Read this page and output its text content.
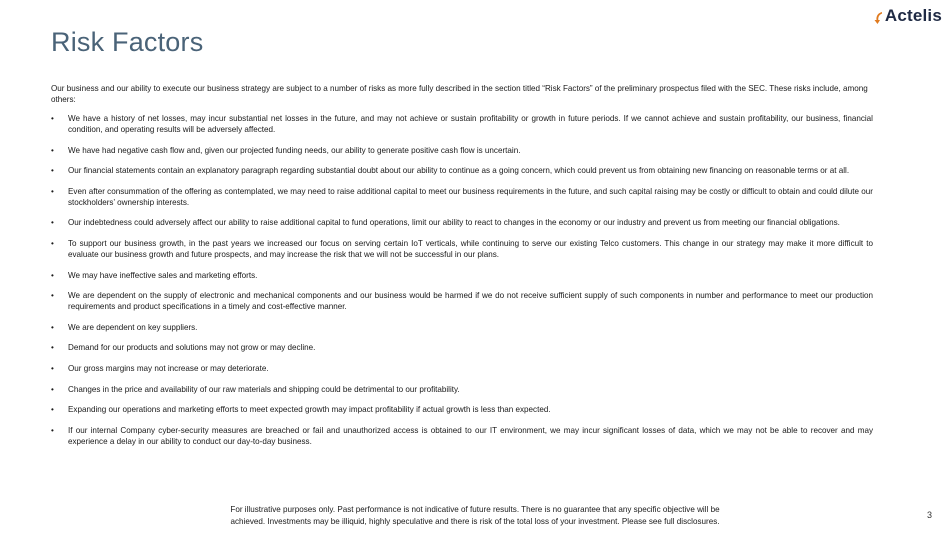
Risk Factors
Actelis

Our business and our ability to execute our business strategy are subject to a number of risks as more fully described in the section titled “Risk Factors” of the preliminary prospectus filed with the SEC. These risks include, among others:

• We have a history of net losses, may incur substantial net losses in the future, and may not achieve or sustain profitability or growth in future periods. If we cannot achieve and sustain profitability, our business, financial condition, and operating results will be adversely affected.
• We have had negative cash flow and, given our projected funding needs, our ability to generate positive cash flow is uncertain.
• Our financial statements contain an explanatory paragraph regarding substantial doubt about our ability to continue as a going concern, which could prevent us from obtaining new financing on reasonable terms or at all.
• Even after consummation of the offering as contemplated, we may need to raise additional capital to meet our business requirements in the future, and such capital raising may be costly or difficult to obtain and could dilute our stockholders’ ownership interests.
• Our indebtedness could adversely affect our ability to raise additional capital to fund operations, limit our ability to react to changes in the economy or our industry and prevent us from meeting our financial obligations.
• To support our business growth, in the past years we increased our focus on serving certain IoT verticals, while continuing to serve our existing Telco customers. This change in our strategy may make it more difficult to evaluate our business growth and future prospects, and may increase the risk that we will not be successful in our plans.
• We may have ineffective sales and marketing efforts.
• We are dependent on the supply of electronic and mechanical components and our business would be harmed if we do not receive sufficient supply of such components in number and performance to meet our production requirements and product specifications in a timely and cost-effective manner.
• We are dependent on key suppliers.
• Demand for our products and solutions may not grow or may decline.
• Our gross margins may not increase or may deteriorate.
• Changes in the price and availability of our raw materials and shipping could be detrimental to our profitability.
• Expanding our operations and marketing efforts to meet expected growth may impact profitability if actual growth is less than expected.
• If our internal Company cyber-security measures are breached or fail and unauthorized access is obtained to our IT environment, we may incur significant losses of data, which we may not be able to recover and may experience a delay in our ability to conduct our day-to-day business.
For illustrative purposes only. Past performance is not indicative of future results. There is no guarantee that any specific objective will be
achieved. Investments may be illiquid, highly speculative and there is risk of the total loss of your investment. Please see full disclosures.
3
